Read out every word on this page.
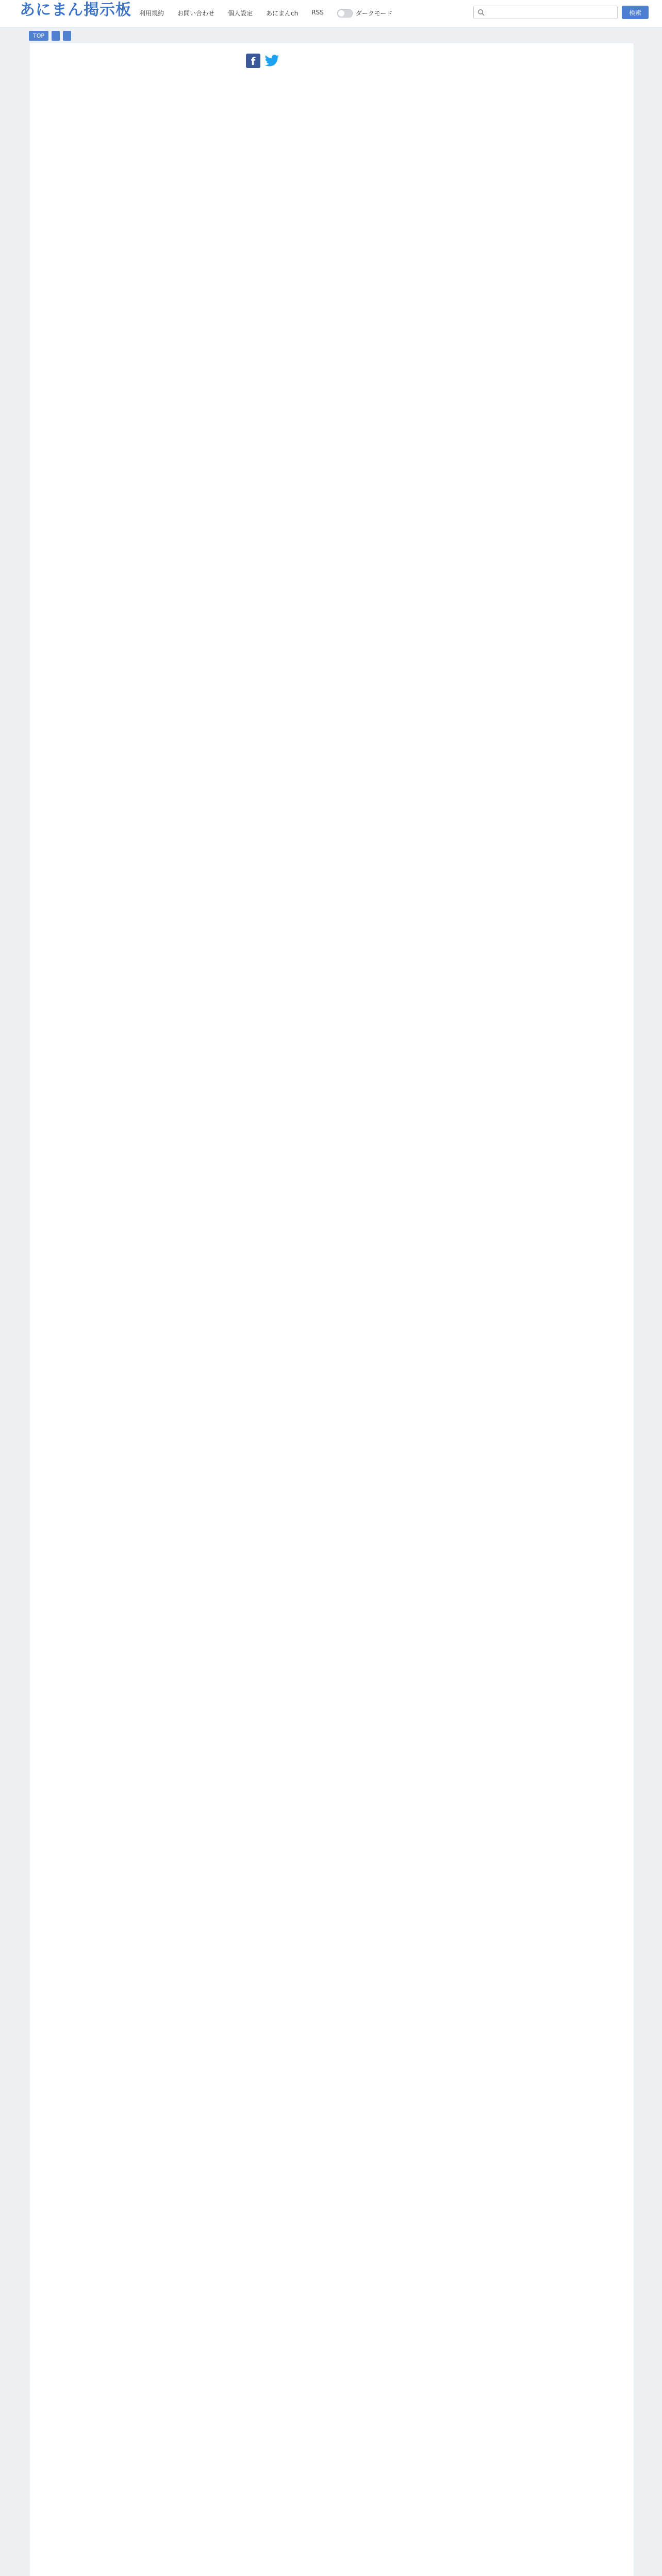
あにまん掲示板 利用規約 お問い合わせ 個人設定 あにまんch RSS	ダークモード	検索
TOP
f
